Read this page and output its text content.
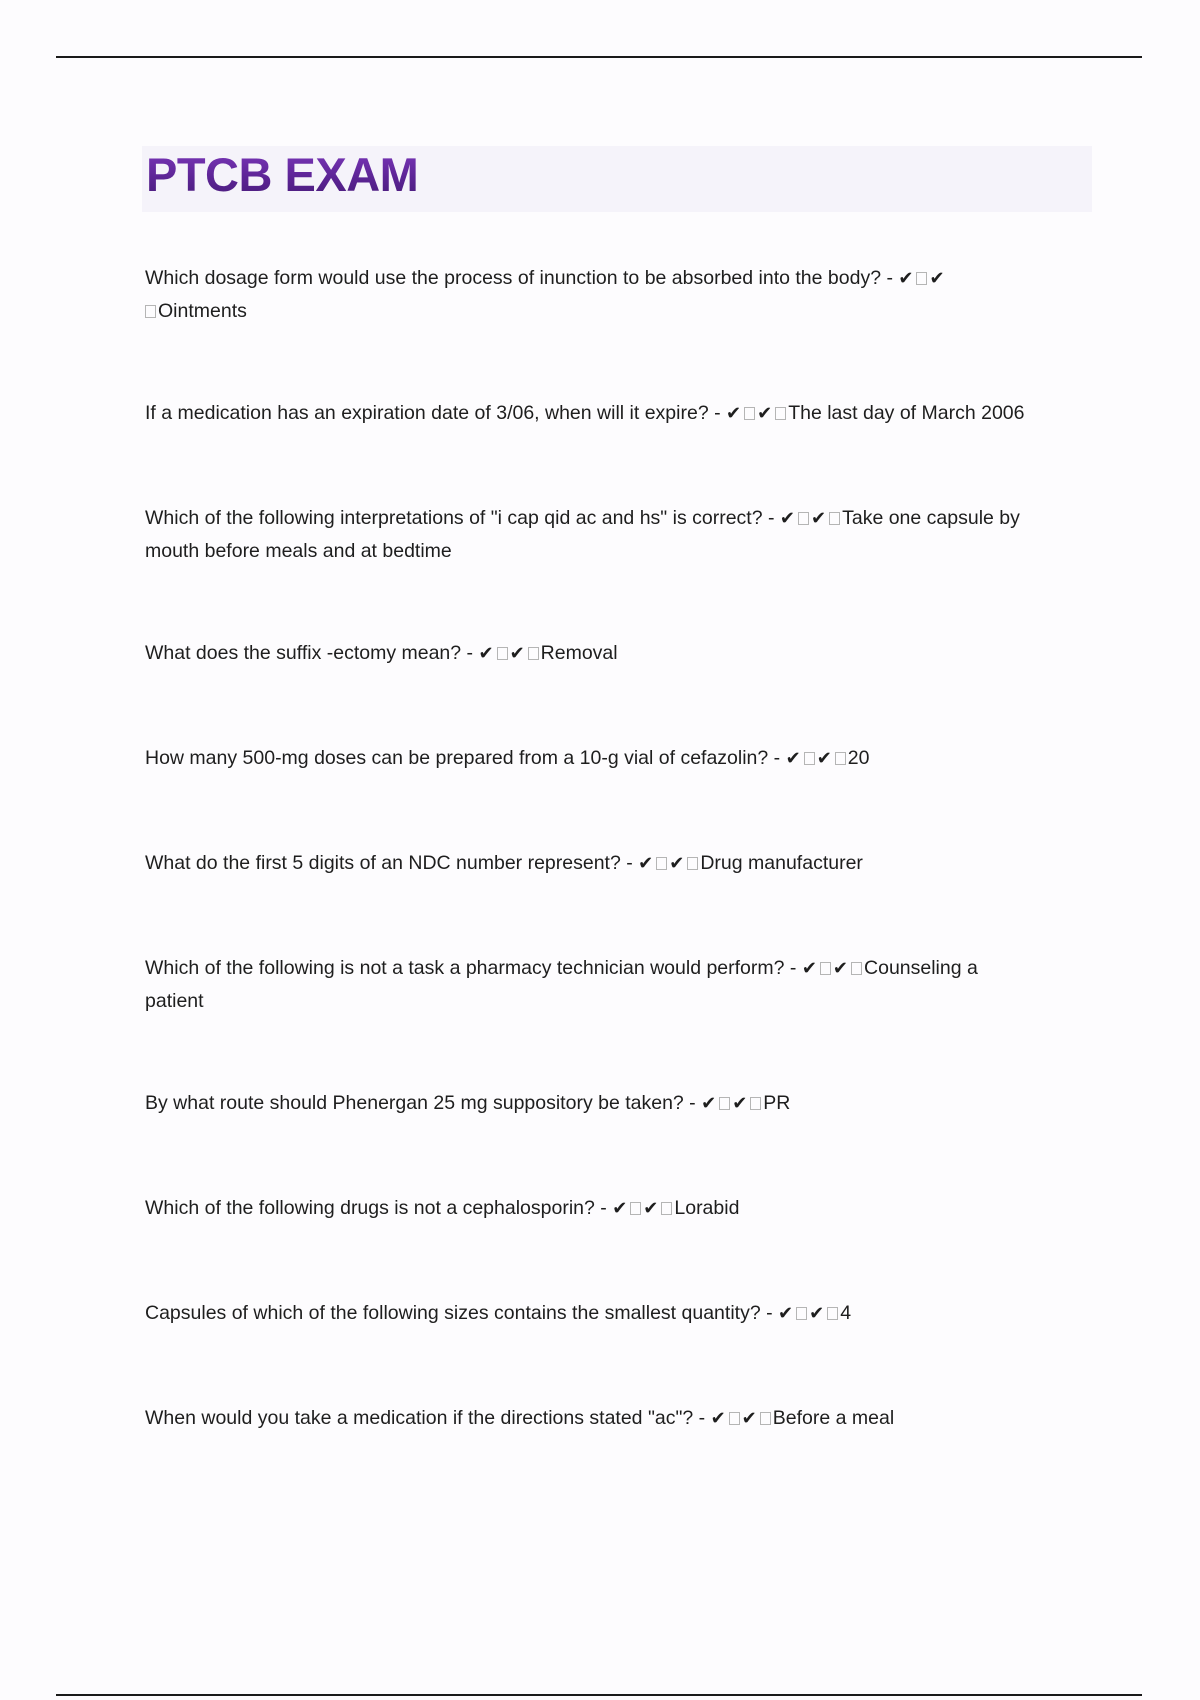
PTCB EXAM

Which dosage form would use the process of inunction to be absorbed into the body? - ✔ ✔
Ointments

If a medication has an expiration date of 3/06, when will it expire? - ✔ ✔ The last day of March 2006

Which of the following interpretations of "i cap qid ac and hs" is correct? - ✔ ✔ Take one capsule by
mouth before meals and at bedtime

What does the suffix -ectomy mean? - ✔ ✔ Removal

How many 500-mg doses can be prepared from a 10-g vial of cefazolin? - ✔ ✔ 20

What do the first 5 digits of an NDC number represent? - ✔ ✔ Drug manufacturer

Which of the following is not a task a pharmacy technician would perform? - ✔ ✔ Counseling a
patient

By what route should Phenergan 25 mg suppository be taken? - ✔ ✔ PR

Which of the following drugs is not a cephalosporin? - ✔ ✔ Lorabid

Capsules of which of the following sizes contains the smallest quantity? - ✔ ✔ 4

When would you take a medication if the directions stated "ac"? - ✔ ✔ Before a meal
